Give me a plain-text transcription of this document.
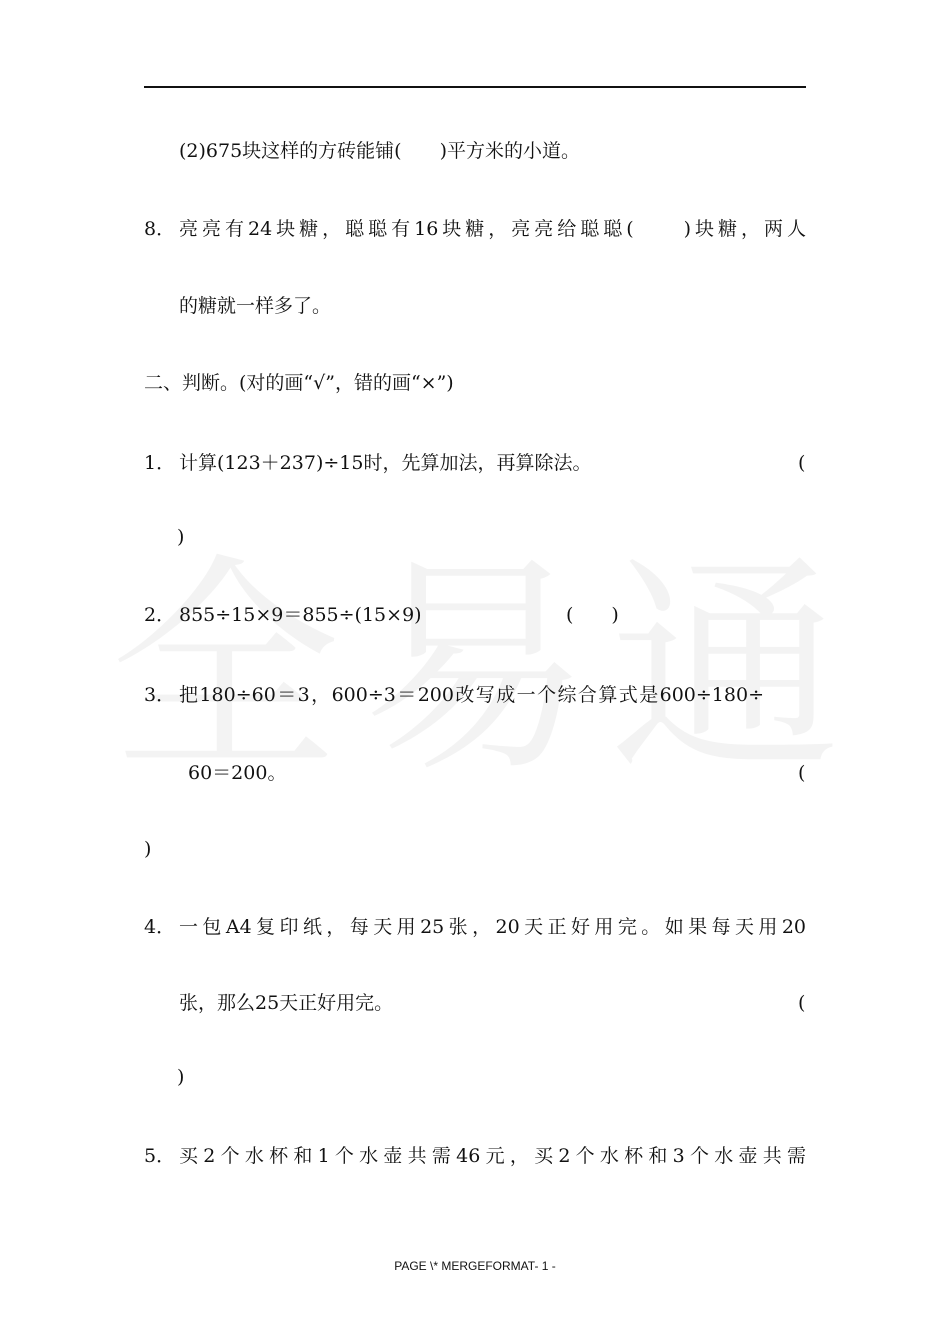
(2)675块这样的方砖能铺(　　)平方米的小道。
8． 亮亮有24块糖，聪聪有16块糖，亮亮给聪聪(　　)块糖，两人
的糖就一样多了。
二、判断。(对的画“√”，错的画“×”)
1． 计算(123＋237)÷15时，先算加法，再算除法。	(
)
2． 855÷15×9＝855÷(15×9)	(　　)
3． 把180÷60＝3，600÷3＝200改写成一个综合算式是600÷180÷
60＝200。	(
)
4． 一包A4复印纸，每天用25张，20天正好用完。如果每天用20
张，那么25天正好用完。	(
)
5． 买2个水杯和1个水壶共需46元，买2个水杯和3个水壶共需
PAGE \* MERGEFORMAT- 1 -
